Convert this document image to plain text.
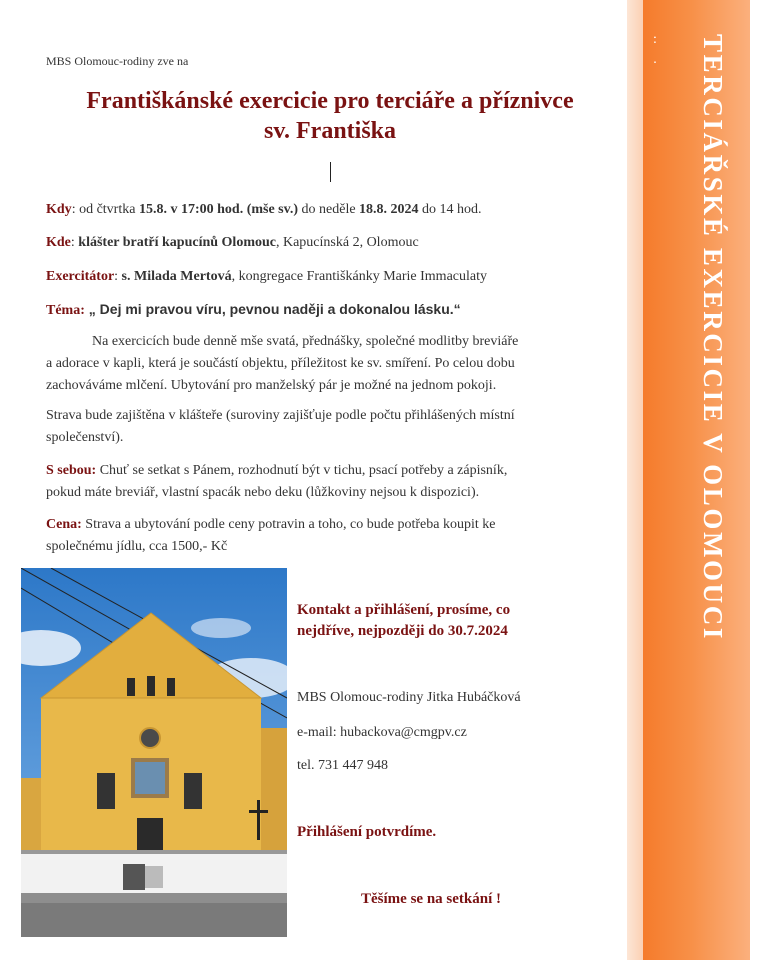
: .	TERCIÁŘSKÉ EXERCICIE V OLOMOUCI
MBS Olomouc-rodiny zve na
Františkánské exercicie pro terciáře a příznivce
sv. Františka
Kdy: od čtvrtka 15.8. v 17:00 hod. (mše sv.) do neděle 18.8. 2024 do 14 hod.
Kde: klášter bratří kapucínů Olomouc, Kapucínská 2, Olomouc
Exercitátor: s. Milada Mertová, kongregace Františkánky Marie Immaculaty
Téma: „ Dej mi pravou víru, pevnou naději a dokonalou lásku.“
Na exercicích bude denně mše svatá, přednášky, společné modlitby breviáře
a adorace v kapli, která je součástí objektu, příležitost ke sv. smíření. Po celou dobu
zachováváme mlčení. Ubytování pro manželský pár je možné na jednom pokoji.
Strava bude zajištěna v klášteře (suroviny zajišťuje podle počtu přihlášených místní
společenství).
S sebou: Chuť se setkat s Pánem, rozhodnutí být v tichu, psací potřeby a zápisník,
pokud máte breviář, vlastní spacák nebo deku (lůžkoviny nejsou k dispozici).
Cena: Strava a ubytování podle ceny potravin a toho, co bude potřeba koupit ke
společnému jídlu, cca 1500,- Kč
Kontakt a přihlášení, prosíme, co
nejdříve, nejpozději do 30.7.2024
MBS Olomouc-rodiny Jitka Hubáčková
e-mail: hubackova@cmgpv.cz
tel. 731 447 948
Přihlášení potvrdíme.
Těšíme se na setkání !
